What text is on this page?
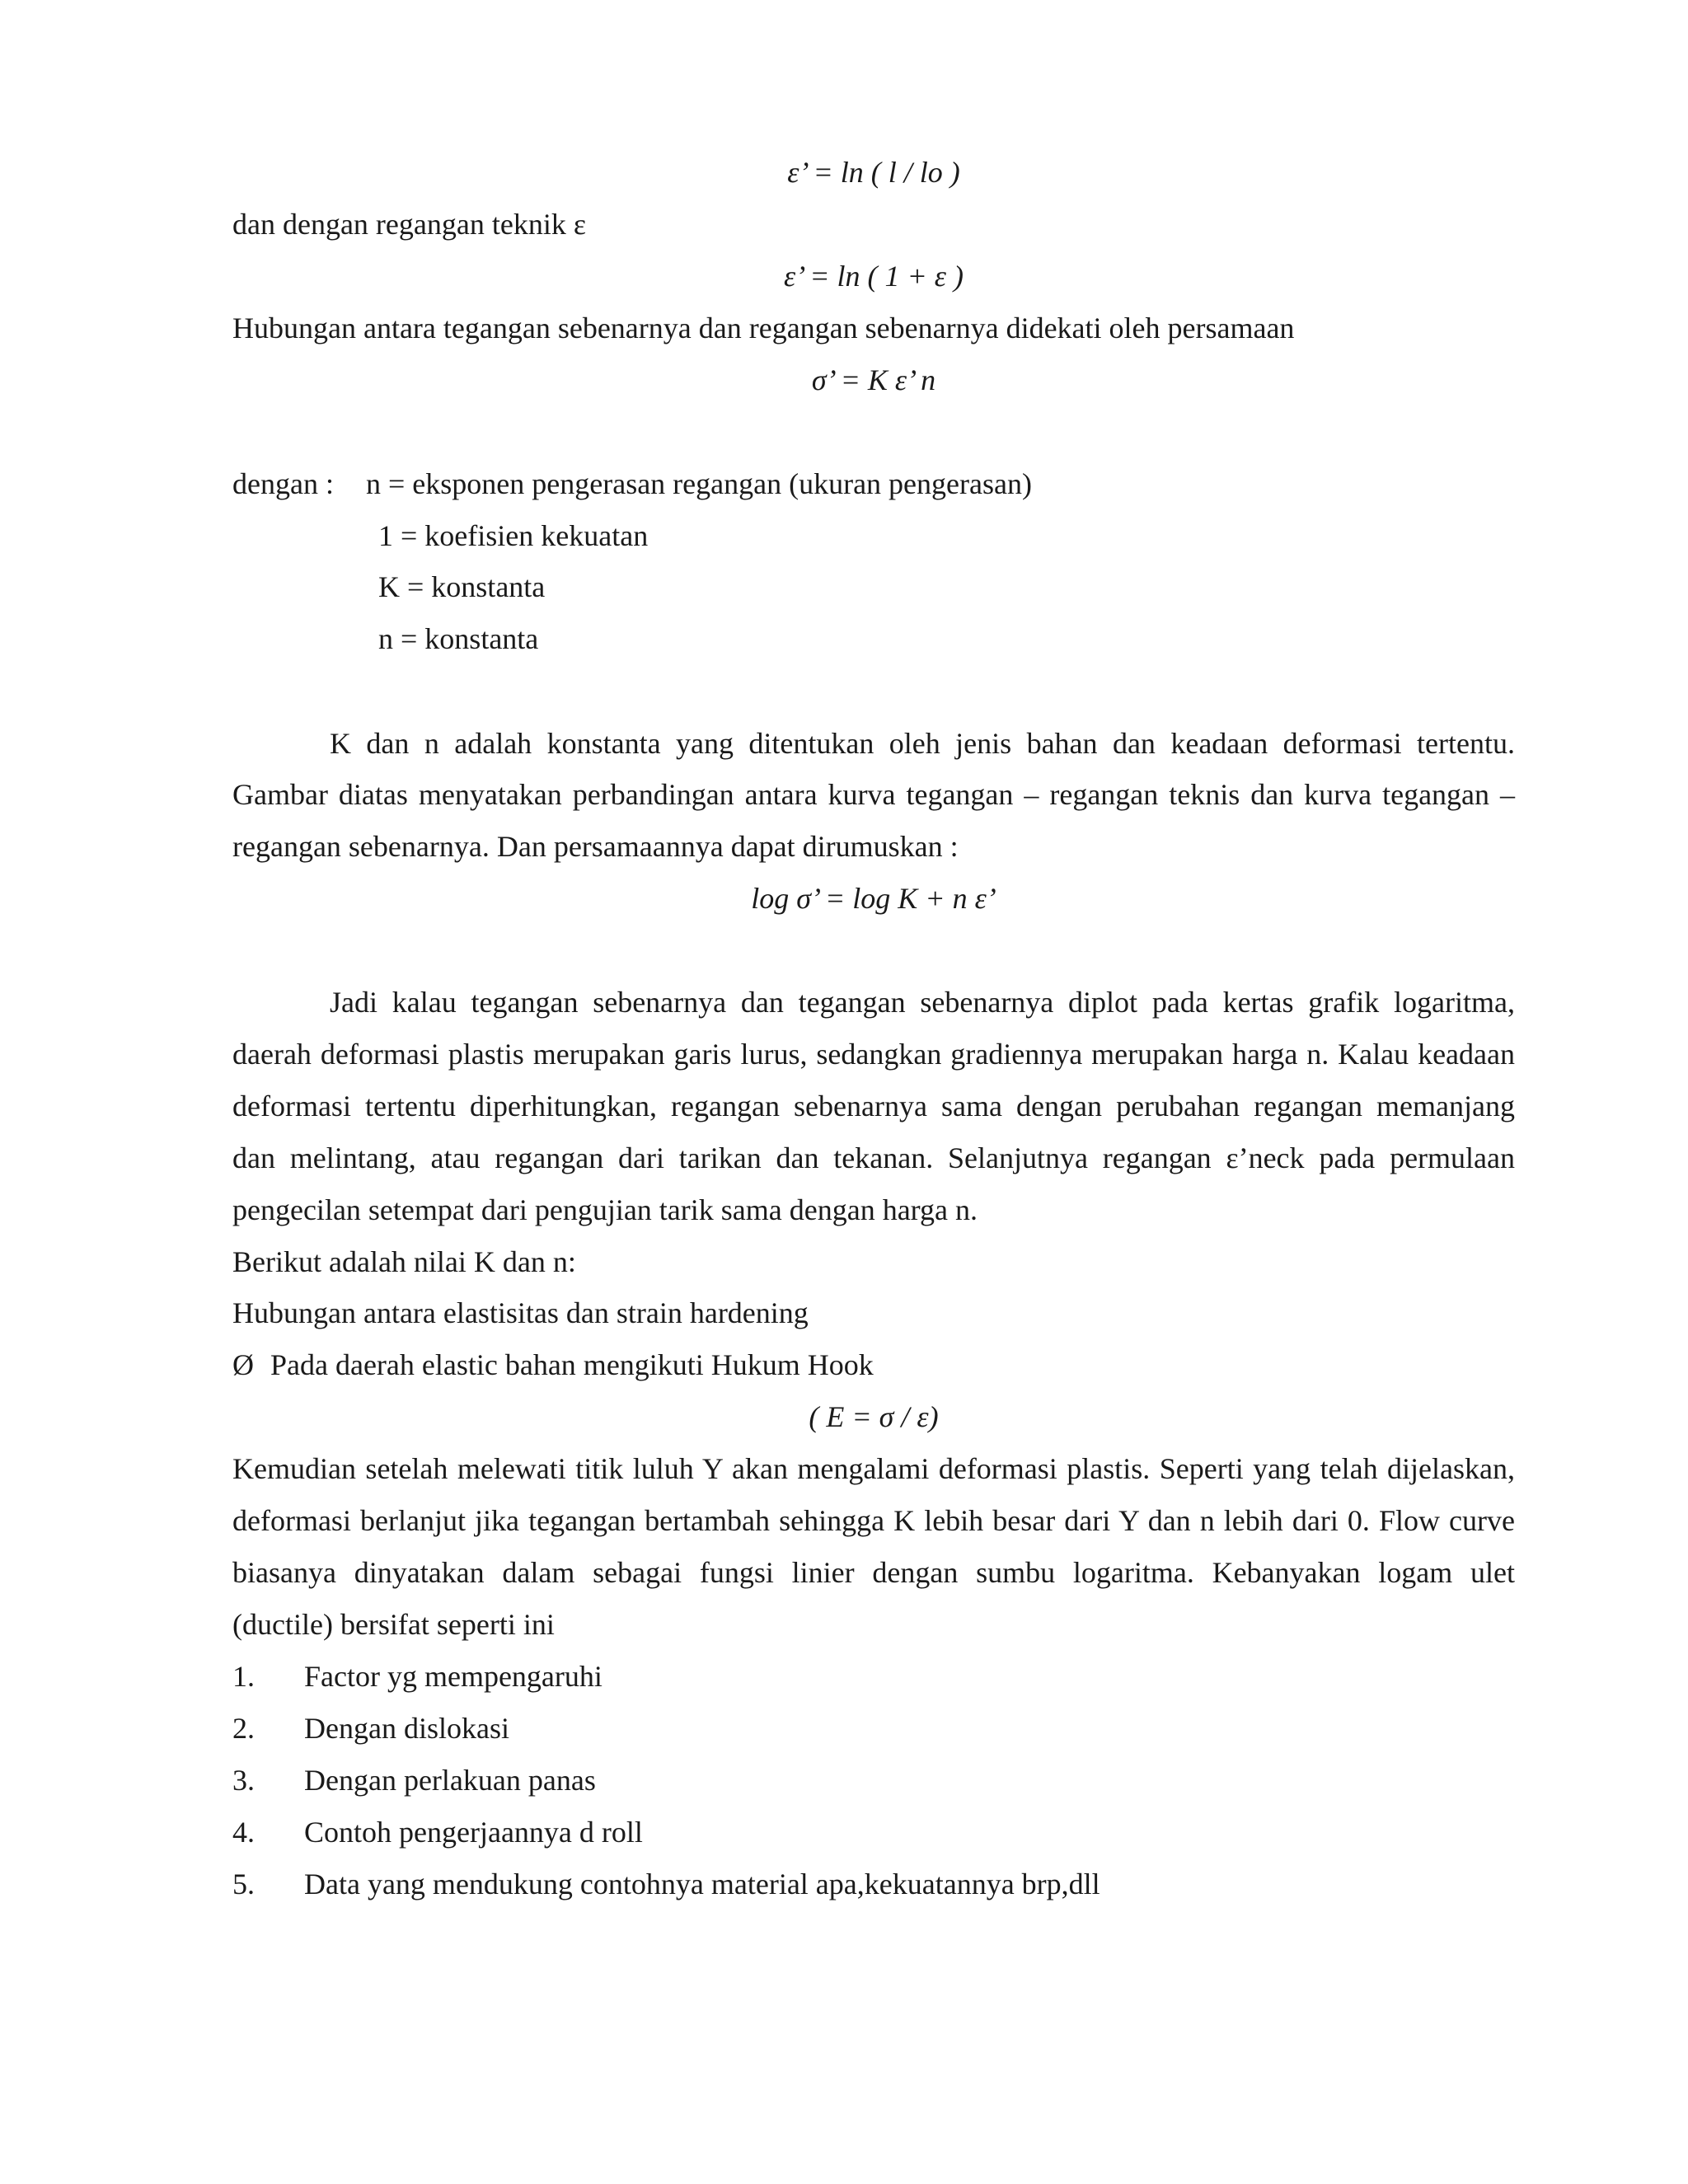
ε’ = ln ( l / lo )
dan dengan regangan teknik ε
ε’ = ln ( 1 + ε )
Hubungan antara tegangan sebenarnya dan regangan sebenarnya didekati oleh persamaan
σ’ = K ε’ n
dengan : n = eksponen pengerasan regangan (ukuran pengerasan)
1 = koefisien kekuatan
K = konstanta
n = konstanta
K dan n adalah konstanta yang ditentukan oleh jenis bahan dan keadaan deformasi tertentu.
Gambar diatas menyatakan perbandingan antara kurva tegangan – regangan teknis dan kurva tegangan –
regangan sebenarnya. Dan persamaannya dapat dirumuskan :
log σ’ = log K + n ε’
Jadi kalau tegangan sebenarnya dan tegangan sebenarnya diplot pada kertas grafik logaritma,
daerah deformasi plastis merupakan garis lurus, sedangkan gradiennya merupakan harga n. Kalau keadaan
deformasi tertentu diperhitungkan, regangan sebenarnya sama dengan perubahan regangan memanjang
dan melintang, atau regangan dari tarikan dan tekanan. Selanjutnya regangan ε’neck pada permulaan
pengecilan setempat dari pengujian tarik sama dengan harga n.
Berikut adalah nilai K dan n:
Hubungan antara elastisitas dan strain hardening
Ø Pada daerah elastic bahan mengikuti Hukum Hook
( E = σ / ε)
Kemudian setelah melewati titik luluh Y akan mengalami deformasi plastis. Seperti yang telah dijelaskan,
deformasi berlanjut jika tegangan bertambah sehingga K lebih besar dari Y dan n lebih dari 0. Flow curve
biasanya dinyatakan dalam sebagai fungsi linier dengan sumbu logaritma. Kebanyakan logam ulet
(ductile) bersifat seperti ini
1. Factor yg mempengaruhi
2. Dengan dislokasi
3. Dengan perlakuan panas
4. Contoh pengerjaannya d roll
5. Data yang mendukung contohnya material apa,kekuatannya brp,dll
